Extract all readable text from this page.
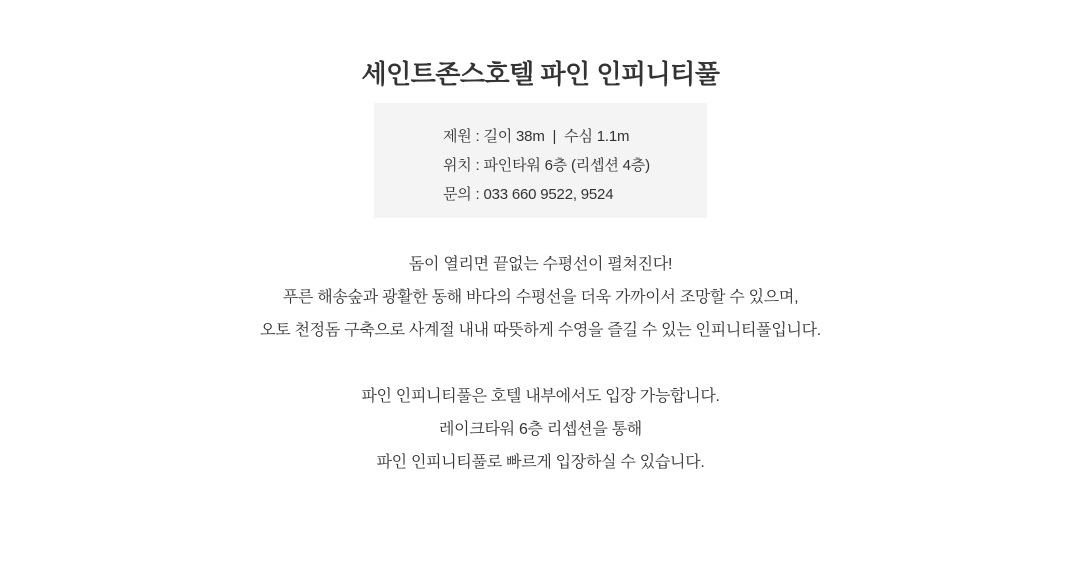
세인트존스호텔 파인 인피니티풀
제원 : 길이 38m  |  수심 1.1m
위치 : 파인타워 6층 (리셉션 4층)
문의 : 033 660 9522, 9524

돔이 열리면 끝없는 수평선이 펼쳐진다!
푸른 해송숲과 광활한 동해 바다의 수평선을 더욱 가까이서 조망할 수 있으며,
오토 천정돔 구축으로 사계절 내내 따뜻하게 수영을 즐길 수 있는 인피니티풀입니다.

파인 인피니티풀은 호텔 내부에서도 입장 가능합니다.
레이크타워 6층 리셉션을 통해
파인 인피니티풀로 빠르게 입장하실 수 있습니다.
